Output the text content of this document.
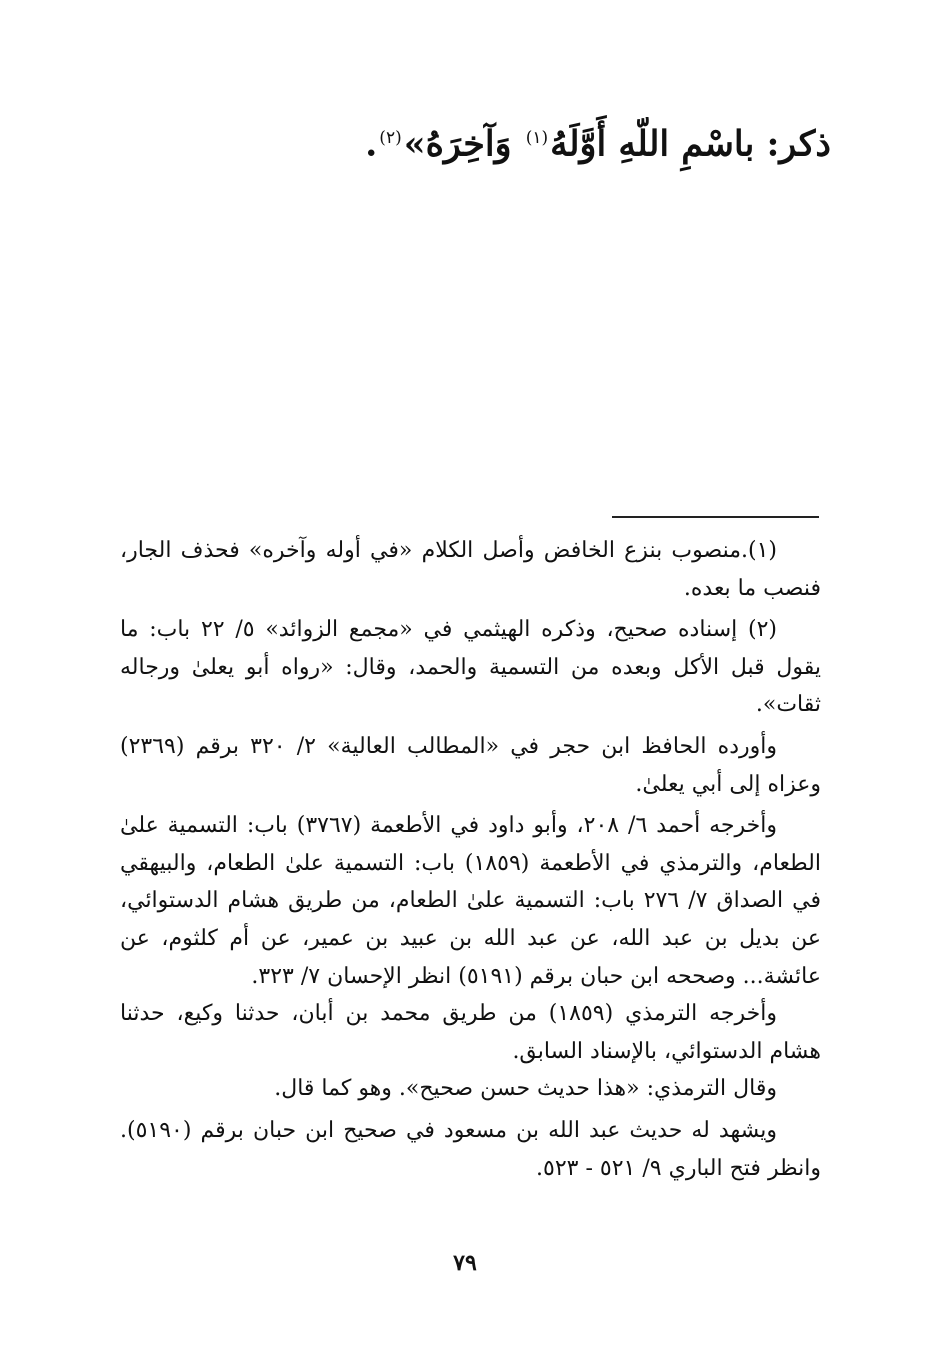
ذكر: باسْمِ اللّهِ أَوَّلَهُ$^{(١)}$ وَآخِرَهُ»$^{(٢)}$.

(١).منصوب بنزع الخافض وأصل الكلام «في أوله وآخره» فحذف الجار، فنصب ما بعده.

(٢) إسناده صحيح، وذكره الهيثمي في «مجمع الزوائد» ٥/ ٢٢ باب: ما يقول قبل الأكل وبعده من التسمية والحمد، وقال: «رواه أبو يعلىٰ ورجاله ثقات».

وأورده الحافظ ابن حجر في «المطالب العالية» ٢/ ٣٢٠ برقم (٢٣٦٩) وعزاه إلى أبي يعلىٰ.

وأخرجه أحمد ٦/ ٢٠٨، وأبو داود في الأطعمة (٣٧٦٧) باب: التسمية علىٰ الطعام، والترمذي في الأطعمة (١٨٥٩) باب: التسمية علىٰ الطعام، والبيهقي في الصداق ٧/ ٢٧٦ باب: التسمية علىٰ الطعام، من طريق هشام الدستوائي، عن بديل بن عبد الله، عن عبد الله بن عبيد بن عمير، عن أم كلثوم، عن عائشة... وصححه ابن حبان برقم (٥١٩١) انظر الإحسان ٧/ ٣٢٣.

وأخرجه الترمذي (١٨٥٩) من طريق محمد بن أبان، حدثنا وكيع، حدثنا هشام الدستوائي، بالإسناد السابق.

وقال الترمذي: «هذا حديث حسن صحيح». وهو كما قال.

ويشهد له حديث عبد الله بن مسعود في صحيح ابن حبان برقم (٥١٩٠). وانظر فتح الباري ٩/ ٥٢١ - ٥٢٣.

٧٩
